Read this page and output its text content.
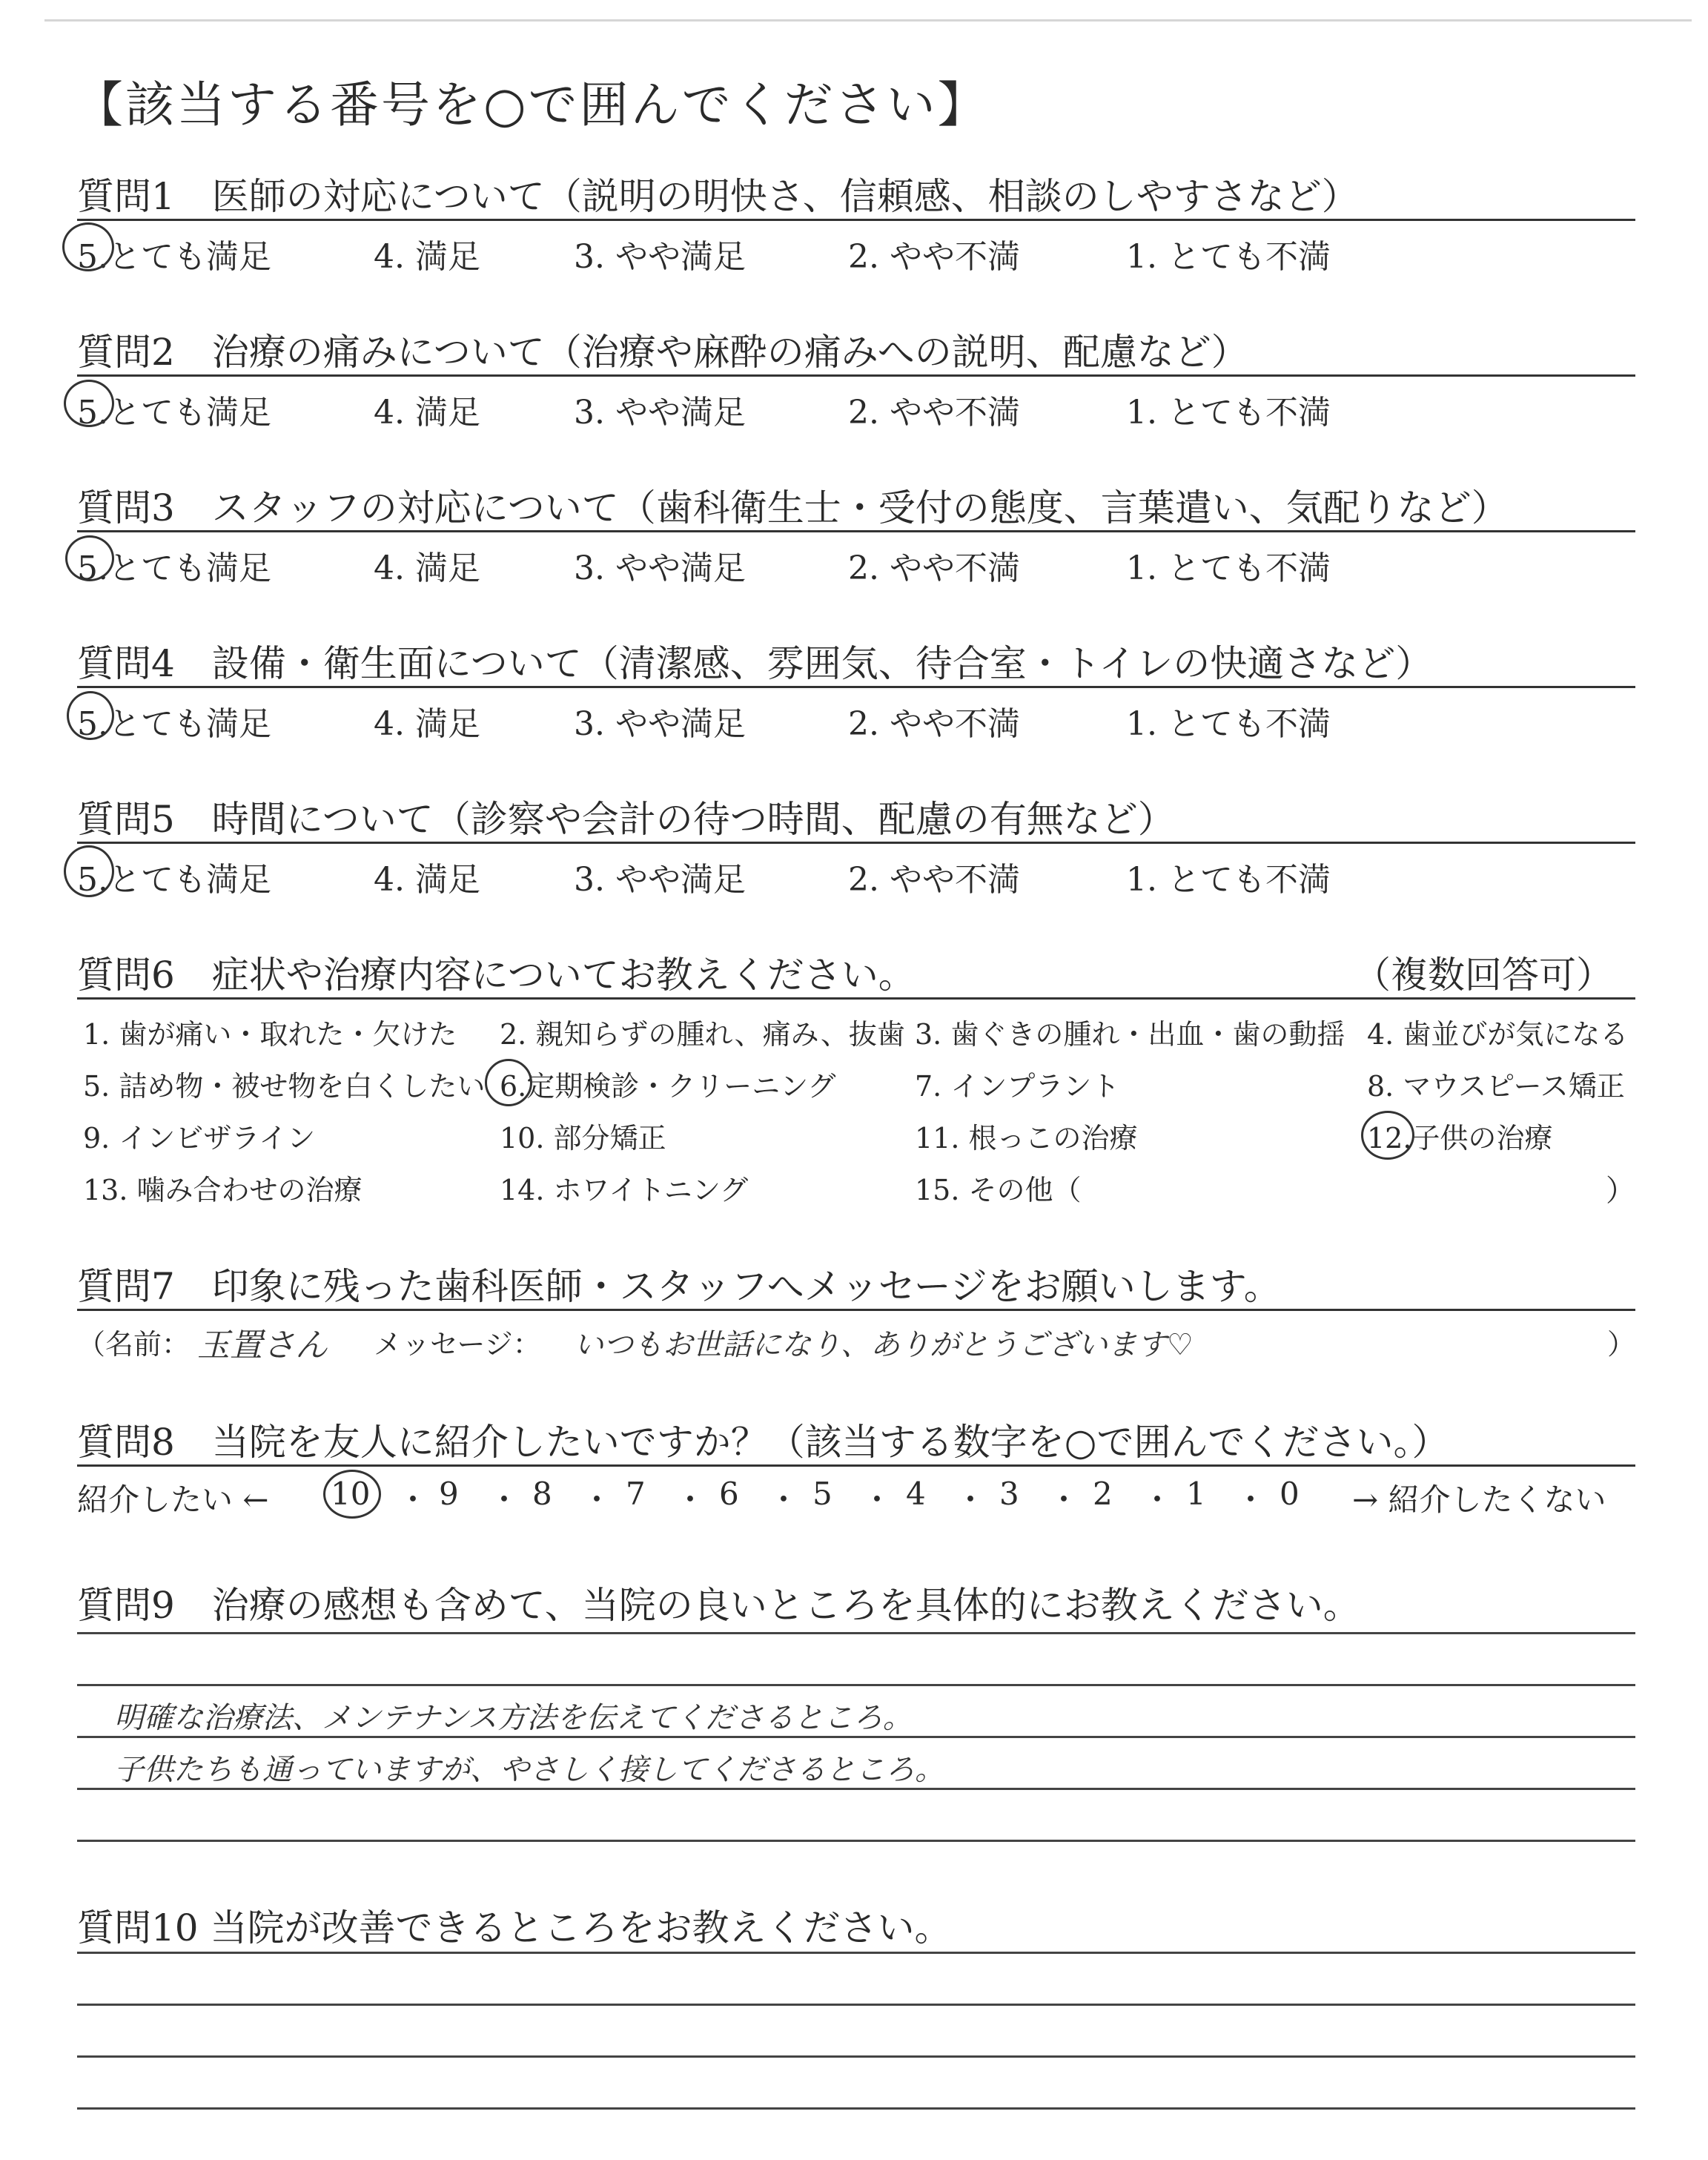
【該当する番号を○で囲んでください】
質問1　医師の対応について（説明の明快さ、信頼感、相談のしやすさなど）
5.とても満足	4. 満足	3. やや満足	2. やや不満	1. とても不満
質問2　治療の痛みについて（治療や麻酔の痛みへの説明、配慮など）
5.とても満足	4. 満足	3. やや満足	2. やや不満	1. とても不満
質問3　スタッフの対応について（歯科衛生士・受付の態度、言葉遣い、気配りなど）
5.とても満足	4. 満足	3. やや満足	2. やや不満	1. とても不満
質問4　設備・衛生面について（清潔感、雰囲気、待合室・トイレの快適さなど）
5.とても満足	4. 満足	3. やや満足	2. やや不満	1. とても不満
質問5　時間について（診察や会計の待つ時間、配慮の有無など）
5.とても満足	4. 満足	3. やや満足	2. やや不満	1. とても不満
質問6　症状や治療内容についてお教えください。	（複数回答可）
1. 歯が痛い・取れた・欠けた 2. 親知らずの腫れ、痛み、抜歯 3. 歯ぐきの腫れ・出血・歯の動揺 4. 歯並びが気になる
5. 詰め物・被せ物を白くしたい 6.定期検診・クリーニング	7. インプラント	8. マウスピース矯正
9. インビザライン	10. 部分矯正	11. 根っこの治療	12.子供の治療
13. 噛み合わせの治療	14. ホワイトニング	15. その他（	）
質問7　印象に残った歯科医師・スタッフへメッセージをお願いします。
（名前： 玉置さん メッセージ： いつもお世話になり、ありがとうございます♡	）
質問8　当院を友人に紹介したいですか？（該当する数字を○で囲んでください。）
紹介したい ← 10 ・ 9 ・ 8 ・ 7 ・ 6 ・ 5 ・ 4 ・ 3 ・ 2 ・ 1 ・ 0 → 紹介したくない
質問9　治療の感想も含めて、当院の良いところを具体的にお教えください。
明確な治療法、メンテナンス方法を伝えてくださるところ。
子供たちも通っていますが、やさしく接してくださるところ。
質問10 当院が改善できるところをお教えください。
